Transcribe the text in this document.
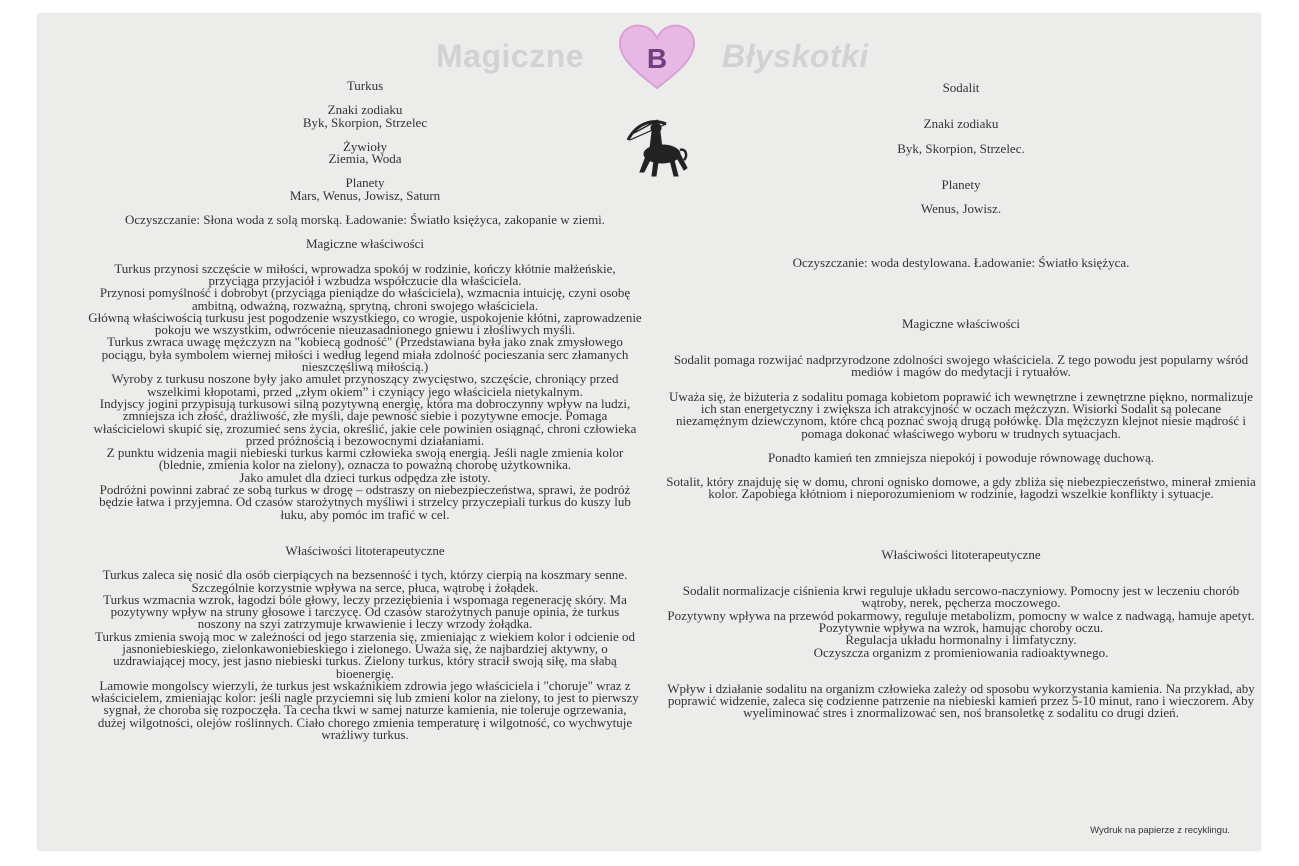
Magiczne B Błyskotki

Turkus

Znaki zodiaku

Byk, Skorpion, Strzelec

Żywioły

Ziemia, Woda

Planety

Mars, Wenus, Jowisz, Saturn

Oczyszczanie: Słona woda z solą morską. Ładowanie: Światło księżyca, zakopanie w ziemi.

Magiczne właściwości

Turkus przynosi szczęście w miłości, wprowadza spokój w rodzinie, kończy kłótnie małżeńskie, przyciąga przyjaciół i wzbudza współczucie dla właściciela.

Przynosi pomyślność i dobrobyt (przyciąga pieniądze do właściciela), wzmacnia intuicję, czyni osobę ambitną, odważną, rozważną, sprytną, chroni swojego właściciela.

Główną właściwością turkusu jest pogodzenie wszystkiego, co wrogie, uspokojenie kłótni, zaprowadzenie pokoju we wszystkim, odwrócenie nieuzasadnionego gniewu i złośliwych myśli.

Turkus zwraca uwagę mężczyzn na "kobiecą godność" (Przedstawiana była jako znak zmysłowego pociągu, była symbolem wiernej miłości i według legend miała zdolność pocieszania serc złamanych nieszczęśliwą miłością.)

Wyroby z turkusu noszone były jako amulet przynoszący zwycięstwo, szczęście, chroniący przed wszelkimi kłopotami, przed „złym okiem” i czyniący jego właściciela nietykalnym.

Indyjscy jogini przypisują turkusowi silną pozytywną energię, która ma dobroczynny wpływ na ludzi, zmniejsza ich złość, drażliwość, złe myśli, daje pewność siebie i pozytywne emocje. Pomaga właścicielowi skupić się, zrozumieć sens życia, określić, jakie cele powinien osiągnąć, chroni człowieka przed próżnością i bezowocnymi działaniami.

Z punktu widzenia magii niebieski turkus karmi człowieka swoją energią. Jeśli nagle zmienia kolor (blednie, zmienia kolor na zielony), oznacza to poważną chorobę użytkownika.

Jako amulet dla dzieci turkus odpędza złe istoty.

Podróżni powinni zabrać ze sobą turkus w drogę – odstraszy on niebezpieczeństwa, sprawi, że podróż będzie łatwa i przyjemna. Od czasów starożytnych myśliwi i strzelcy przyczepiali turkus do kuszy lub łuku, aby pomóc im trafić w cel.

Właściwości litoterapeutyczne

Turkus zaleca się nosić dla osób cierpiących na bezsenność i tych, którzy cierpią na koszmary senne. Szczególnie korzystnie wpływa na serce, płuca, wątrobę i żołądek.

Turkus wzmacnia wzrok, łagodzi bóle głowy, leczy przeziębienia i wspomaga regenerację skóry. Ma pozytywny wpływ na struny głosowe i tarczycę. Od czasów starożytnych panuje opinia, że turkus noszony na szyi zatrzymuje krwawienie i leczy wrzody żołądka.

Turkus zmienia swoją moc w zależności od jego starzenia się, zmieniając z wiekiem kolor i odcienie od jasnoniebieskiego, zielonkawoniebieskiego i zielonego. Uważa się, że najbardziej aktywny, o uzdrawiającej mocy, jest jasno niebieski turkus. Zielony turkus, który stracił swoją siłę, ma słabą bioenergię.

Lamowie mongolscy wierzyli, że turkus jest wskaźnikiem zdrowia jego właściciela i "choruje" wraz z właścicielem, zmieniając kolor: jeśli nagle przyciemni się lub zmieni kolor na zielony, to jest to pierwszy sygnał, że choroba się rozpoczęła. Ta cecha tkwi w samej naturze kamienia, nie toleruje ogrzewania, dużej wilgotności, olejów roślinnych. Ciało chorego zmienia temperaturę i wilgotność, co wychwytuje wrażliwy turkus.

Sodalit

Znaki zodiaku

Byk, Skorpion, Strzelec.

Planety

Wenus, Jowisz.

Oczyszczanie: woda destylowana. Ładowanie: Światło księżyca.

Magiczne właściwości

Sodalit pomaga rozwijać nadprzyrodzone zdolności swojego właściciela. Z tego powodu jest popularny wśród mediów i magów do medytacji i rytuałów.

Uważa się, że biżuteria z sodalitu pomaga kobietom poprawić ich wewnętrzne i zewnętrzne piękno, normalizuje ich stan energetyczny i zwiększa ich atrakcyjność w oczach mężczyzn. Wisiorki Sodalit są polecane niezamężnym dziewczynom, które chcą poznać swoją drugą połówkę. Dla mężczyzn klejnot niesie mądrość i pomaga dokonać właściwego wyboru w trudnych sytuacjach.

Ponadto kamień ten zmniejsza niepokój i powoduje równowagę duchową.

Sotalit, który znajduję się w domu, chroni ognisko domowe, a gdy zbliża się niebezpieczeństwo, minerał zmienia kolor. Zapobiega kłótniom i nieporozumieniom w rodzinie, łagodzi wszelkie konflikty i sytuacje.

Właściwości litoterapeutyczne

Sodalit normalizacje ciśnienia krwi reguluje układu sercowo-naczyniowy. Pomocny jest w leczeniu chorób wątroby, nerek, pęcherza moczowego.

Pozytywny wpływa na przewód pokarmowy, reguluje metabolizm, pomocny w walce z nadwagą, hamuje apetyt.

Pozytywnie wpływa na wzrok, hamując choroby oczu.

Regulacja układu hormonalny i limfatyczny.

Oczyszcza organizm z promieniowania radioaktywnego.

Wpływ i działanie sodalitu na organizm człowieka zależy od sposobu wykorzystania kamienia. Na przykład, aby poprawić widzenie, zaleca się codzienne patrzenie na niebieski kamień przez 5-10 minut, rano i wieczorem. Aby wyeliminować stres i znormalizować sen, noś bransoletkę z sodalitu co drugi dzień.

Wydruk na papierze z recyklingu.
